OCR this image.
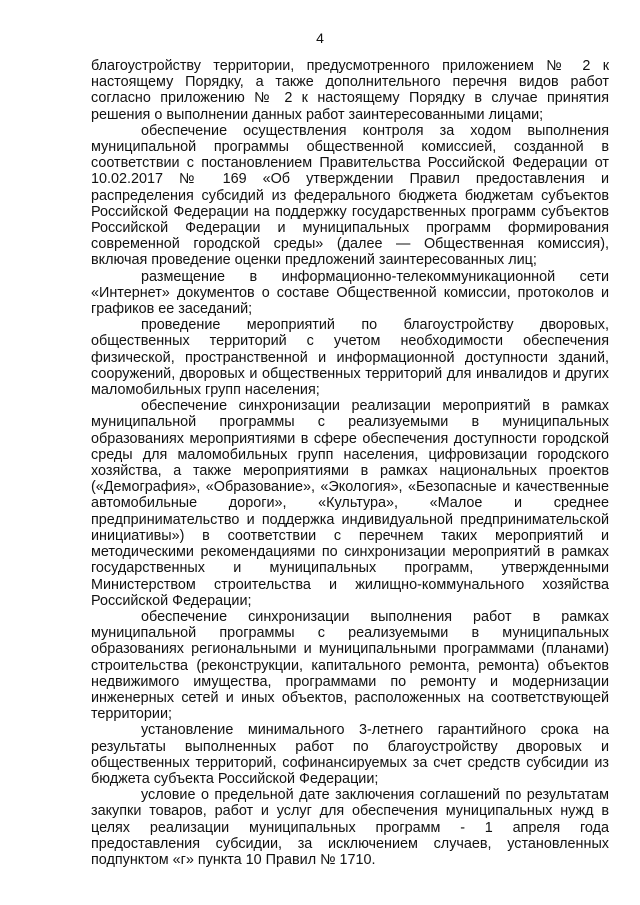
4

благоустройству территории, предусмотренного приложением № 2 к настоящему Порядку, а также дополнительного перечня видов работ согласно приложению № 2 к настоящему Порядку в случае принятия решения о выполнении данных работ заинтересованными лицами;

обеспечение осуществления контроля за ходом выполнения муниципальной программы общественной комиссией, созданной в соответствии с постановлением Правительства Российской Федерации от 10.02.2017 № 169 «Об утверждении Правил предоставления и распределения субсидий из федерального бюджета бюджетам субъектов Российской Федерации на поддержку государственных программ субъектов Российской Федерации и муниципальных программ формирования современной городской среды» (далее — Общественная комиссия), включая проведение оценки предложений заинтересованных лиц;

размещение в информационно-телекоммуникационной сети «Интернет» документов о составе Общественной комиссии, протоколов и графиков ее заседаний;

проведение мероприятий по благоустройству дворовых, общественных территорий с учетом необходимости обеспечения физической, пространственной и информационной доступности зданий, сооружений, дворовых и общественных территорий для инвалидов и других маломобильных групп населения;

обеспечение синхронизации реализации мероприятий в рамках муниципальной программы с реализуемыми в муниципальных образованиях мероприятиями в сфере обеспечения доступности городской среды для маломобильных групп населения, цифровизации городского хозяйства, а также мероприятиями в рамках национальных проектов («Демография», «Образование», «Экология», «Безопасные и качественные автомобильные дороги», «Культура», «Малое и среднее предпринимательство и поддержка индивидуальной предпринимательской инициативы») в соответствии с перечнем таких мероприятий и методическими рекомендациями по синхронизации мероприятий в рамках государственных и муниципальных программ, утвержденными Министерством строительства и жилищно-коммунального хозяйства Российской Федерации;

обеспечение синхронизации выполнения работ в рамках муниципальной программы с реализуемыми в муниципальных образованиях региональными и муниципальными программами (планами) строительства (реконструкции, капитального ремонта, ремонта) объектов недвижимого имущества, программами по ремонту и модернизации инженерных сетей и иных объектов, расположенных на соответствующей территории;

установление минимального 3-летнего гарантийного срока на результаты выполненных работ по благоустройству дворовых и общественных территорий, софинансируемых за счет средств субсидии из бюджета субъекта Российской Федерации;

условие о предельной дате заключения соглашений по результатам закупки товаров, работ и услуг для обеспечения муниципальных нужд в целях реализации муниципальных программ - 1 апреля года предоставления субсидии, за исключением случаев, установленных подпунктом «г» пункта 10 Правил № 1710.
